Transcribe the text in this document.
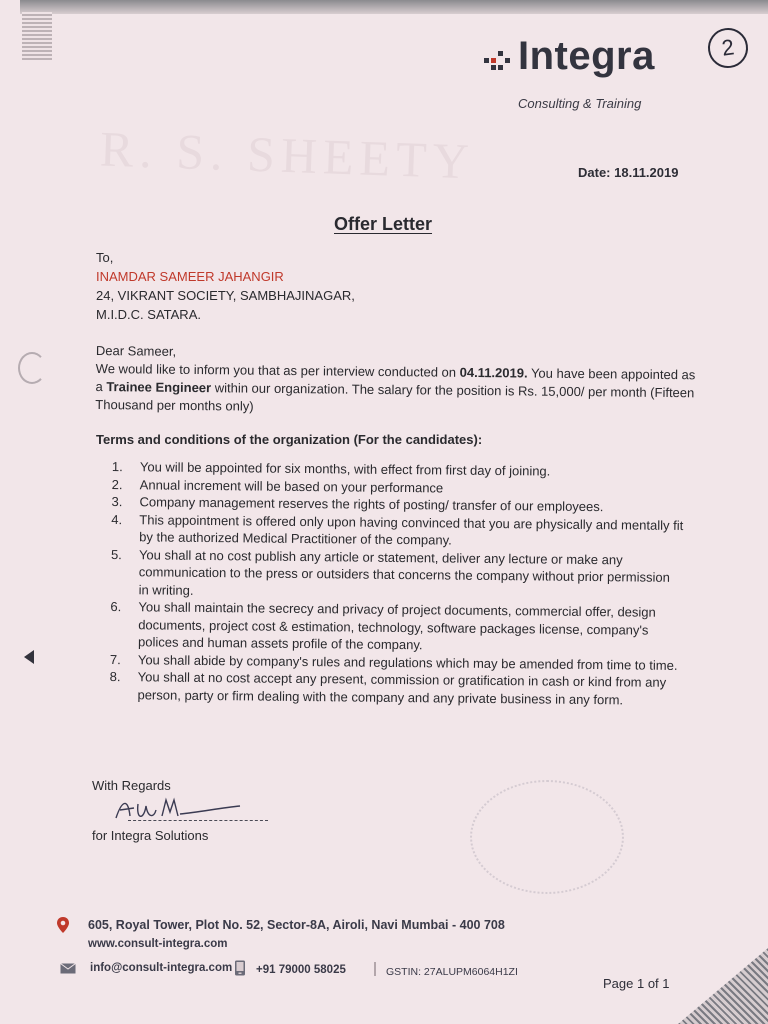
R. S. SHEETY
Integra
Consulting & Training
2
Date: 18.11.2019
Offer Letter
To,
INAMDAR SAMEER JAHANGIR
24, VIKRANT SOCIETY, SAMBHAJINAGAR,
M.I.D.C. SATARA.
Dear Sameer,
We would like to inform you that as per interview conducted on 04.11.2019. You have been appointed as a Trainee Engineer within our organization. The salary for the position is Rs. 15,000/ per month (Fifteen Thousand per months only)
Terms and conditions of the organization (For the candidates):
1. You will be appointed for six months, with effect from first day of joining.
2. Annual increment will be based on your performance
3. Company management reserves the rights of posting/ transfer of our employees.
4. This appointment is offered only upon having convinced that you are physically and mentally fit by the authorized Medical Practitioner of the company.
5. You shall at no cost publish any article or statement, deliver any lecture or make any communication to the press or outsiders that concerns the company without prior permission in writing.
6. You shall maintain the secrecy and privacy of project documents, commercial offer, design documents, project cost & estimation, technology, software packages license, company's polices and human assets profile of the company.
7. You shall abide by company's rules and regulations which may be amended from time to time.
8. You shall at no cost accept any present, commission or gratification in cash or kind from any person, party or firm dealing with the company and any private business in any form.
With Regards
for Integra Solutions
605, Royal Tower, Plot No. 52, Sector-8A, Airoli, Navi Mumbai - 400 708
www.consult-integra.com
info@consult-integra.com +91 79000 58025	GSTIN: 27ALUPM6064H1ZI
Page 1 of 1
